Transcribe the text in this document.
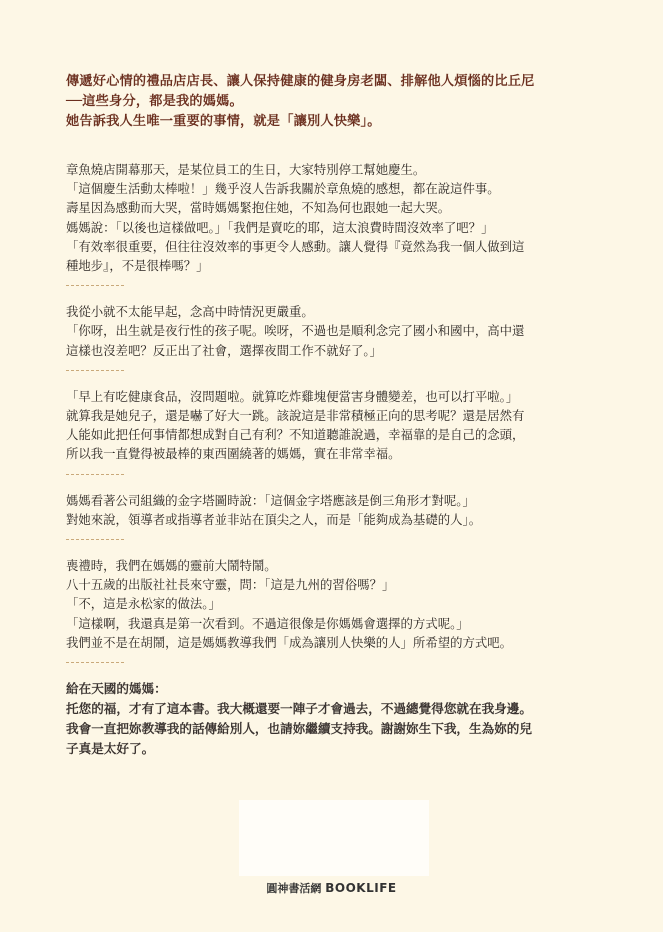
傳遞好心情的禮品店店長、讓人保持健康的健身房老闆、排解他人煩惱的比丘尼

──這些身分，都是我的媽媽。

她告訴我人生唯一重要的事情，就是「讓別人快樂」。

章魚燒店開幕那天，是某位員工的生日，大家特別停工幫她慶生。

「這個慶生活動太棒啦！」幾乎沒人告訴我關於章魚燒的感想，都在說這件事。

壽星因為感動而大哭，當時媽媽緊抱住她，不知為何也跟她一起大哭。

媽媽說：「以後也這樣做吧。」「我們是賣吃的耶，這太浪費時間沒效率了吧？」

「有效率很重要，但往往沒效率的事更令人感動。讓人覺得『竟然為我一個人做到這

種地步』，不是很棒嗎？」

我從小就不太能早起，念高中時情況更嚴重。

「你呀，出生就是夜行性的孩子呢。唉呀，不過也是順利念完了國小和國中，高中還

這樣也沒差吧？反正出了社會，選擇夜間工作不就好了。」

「早上有吃健康食品，沒問題啦。就算吃炸雞塊便當害身體變差，也可以打平啦。」

就算我是她兒子，還是嚇了好大一跳。該說這是非常積極正向的思考呢？還是居然有

人能如此把任何事情都想成對自己有利？不知道聽誰說過，幸福靠的是自己的念頭，

所以我一直覺得被最棒的東西圍繞著的媽媽，實在非常幸福。

媽媽看著公司組織的金字塔圖時說：「這個金字塔應該是倒三角形才對呢。」

對她來說，領導者或指導者並非站在頂尖之人，而是「能夠成為基礎的人」。

喪禮時，我們在媽媽的靈前大鬧特鬧。

八十五歲的出版社社長來守靈，問：「這是九州的習俗嗎？」

「不，這是永松家的做法。」

「這樣啊，我還真是第一次看到。不過這很像是你媽媽會選擇的方式呢。」

我們並不是在胡鬧，這是媽媽教導我們「成為讓別人快樂的人」所希望的方式吧。

給在天國的媽媽：

托您的福，才有了這本書。我大概還要一陣子才會過去，不過總覺得您就在我身邊。

我會一直把妳教導我的話傳給別人，也請妳繼續支持我。謝謝妳生下我，生為妳的兒

子真是太好了。

圓神書活網 BOOKLIFE
